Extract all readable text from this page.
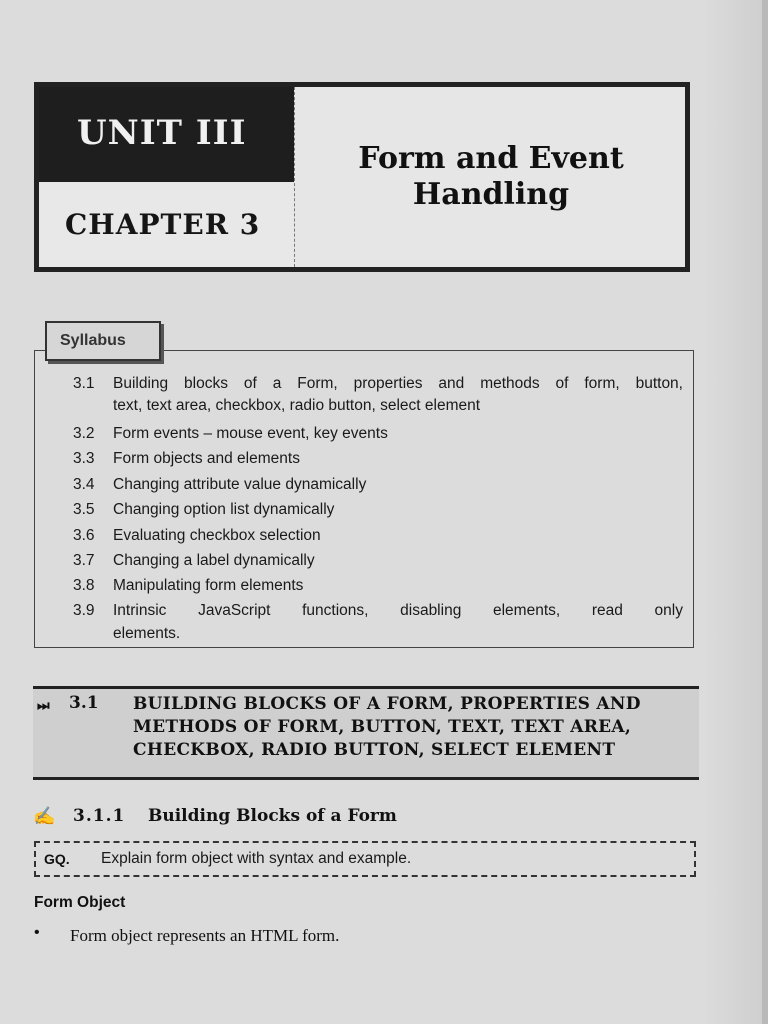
UNIT III
CHAPTER 3
Form and Event Handling
Syllabus
3.1	Building blocks of a Form, properties and methods of form, button,
text, text area, checkbox, radio button, select element
3.2	Form events – mouse event, key events
3.3	Form objects and elements
3.4	Changing attribute value dynamically
3.5	Changing option list dynamically
3.6	Evaluating checkbox selection
3.7	Changing a label dynamically
3.8	Manipulating form elements
3.9	Intrinsic JavaScript functions, disabling elements, read only
elements.
⏭ 3.1 BUILDING BLOCKS OF A FORM, PROPERTIES AND METHODS OF FORM, BUTTON, TEXT, TEXT AREA, CHECKBOX, RADIO BUTTON, SELECT ELEMENT
✍ 3.1.1 Building Blocks of a Form
GQ. Explain form object with syntax and example.
Form Object
• Form object represents an HTML form.
